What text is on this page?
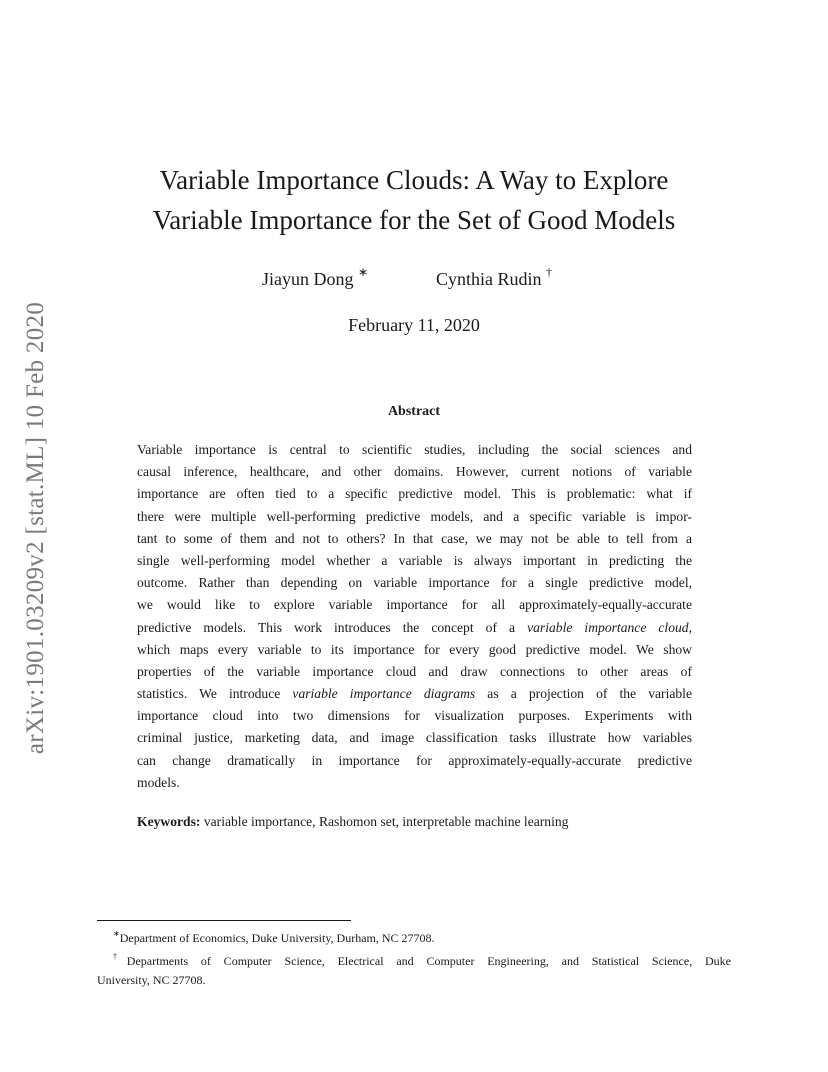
arXiv:1901.03209v2 [stat.ML] 10 Feb 2020
Variable Importance Clouds: A Way to Explore
Variable Importance for the Set of Good Models
Jiayun Dong ∗	Cynthia Rudin †
February 11, 2020
Abstract
Variable importance is central to scientific studies, including the social sciences and
causal inference, healthcare, and other domains. However, current notions of variable
importance are often tied to a specific predictive model. This is problematic: what if
there were multiple well-performing predictive models, and a specific variable is impor-
tant to some of them and not to others? In that case, we may not be able to tell from a
single well-performing model whether a variable is always important in predicting the
outcome. Rather than depending on variable importance for a single predictive model,
we would like to explore variable importance for all approximately-equally-accurate
predictive models. This work introduces the concept of a variable importance cloud,
which maps every variable to its importance for every good predictive model. We show
properties of the variable importance cloud and draw connections to other areas of
statistics. We introduce variable importance diagrams as a projection of the variable
importance cloud into two dimensions for visualization purposes. Experiments with
criminal justice, marketing data, and image classification tasks illustrate how variables
can change dramatically in importance for approximately-equally-accurate predictive
models.
Keywords: variable importance, Rashomon set, interpretable machine learning
∗Department of Economics, Duke University, Durham, NC 27708.
†Departments of Computer Science, Electrical and Computer Engineering, and Statistical Science, Duke
University, NC 27708.
